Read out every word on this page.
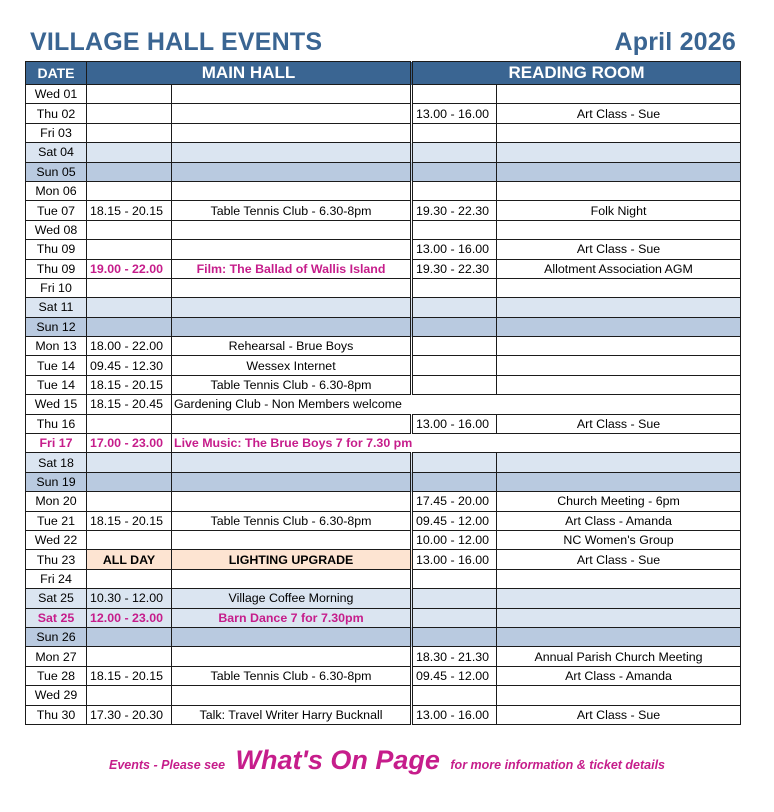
VILLAGE HALL EVENTS	April 2026
DATE	MAIN HALL		READING ROOM	
Wed 01				
Thu 02			13.00 - 16.00	Art Class - Sue
Fri 03				
Sat 04				
Sun 05				
Mon 06				
Tue 07	18.15 - 20.15	Table Tennis Club - 6.30-8pm	19.30 - 22.30	Folk Night
Wed 08				
Thu 09			13.00 - 16.00	Art Class - Sue
Thu 09	19.00 - 22.00	Film: The Ballad of Wallis Island	19.30 - 22.30	Allotment Association AGM
Fri 10				
Sat 11				
Sun 12				
Mon 13	18.00 - 22.00	Rehearsal - Brue Boys		
Tue 14	09.45 - 12.30	Wessex Internet		
Tue 14	18.15 - 20.15	Table Tennis Club - 6.30-8pm		
Wed 15	18.15 - 20.45	Gardening Club - Non Members welcome		
Thu 16			13.00 - 16.00	Art Class - Sue
Fri 17	17.00 - 23.00	Live Music: The Brue Boys 7 for 7.30 pm		
Sat 18				
Sun 19				
Mon 20			17.45 - 20.00	Church Meeting - 6pm
Tue 21	18.15 - 20.15	Table Tennis Club - 6.30-8pm	09.45 - 12.00	Art Class - Amanda
Wed 22			10.00 - 12.00	NC Women's Group
Thu 23	ALL DAY	LIGHTING UPGRADE	13.00 - 16.00	Art Class - Sue
Fri 24				
Sat 25	10.30 - 12.00	Village Coffee Morning		
Sat 25	12.00 - 23.00	Barn Dance 7 for 7.30pm		
Sun 26				
Mon 27			18.30 - 21.30	Annual Parish Church Meeting
Tue 28	18.15 - 20.15	Table Tennis Club - 6.30-8pm	09.45 - 12.00	Art Class - Amanda
Wed 29				
Thu 30	17.30 - 20.30	Talk: Travel Writer Harry Bucknall	13.00 - 16.00	Art Class - Sue
Events - Please see What's On Page for more information & ticket details
